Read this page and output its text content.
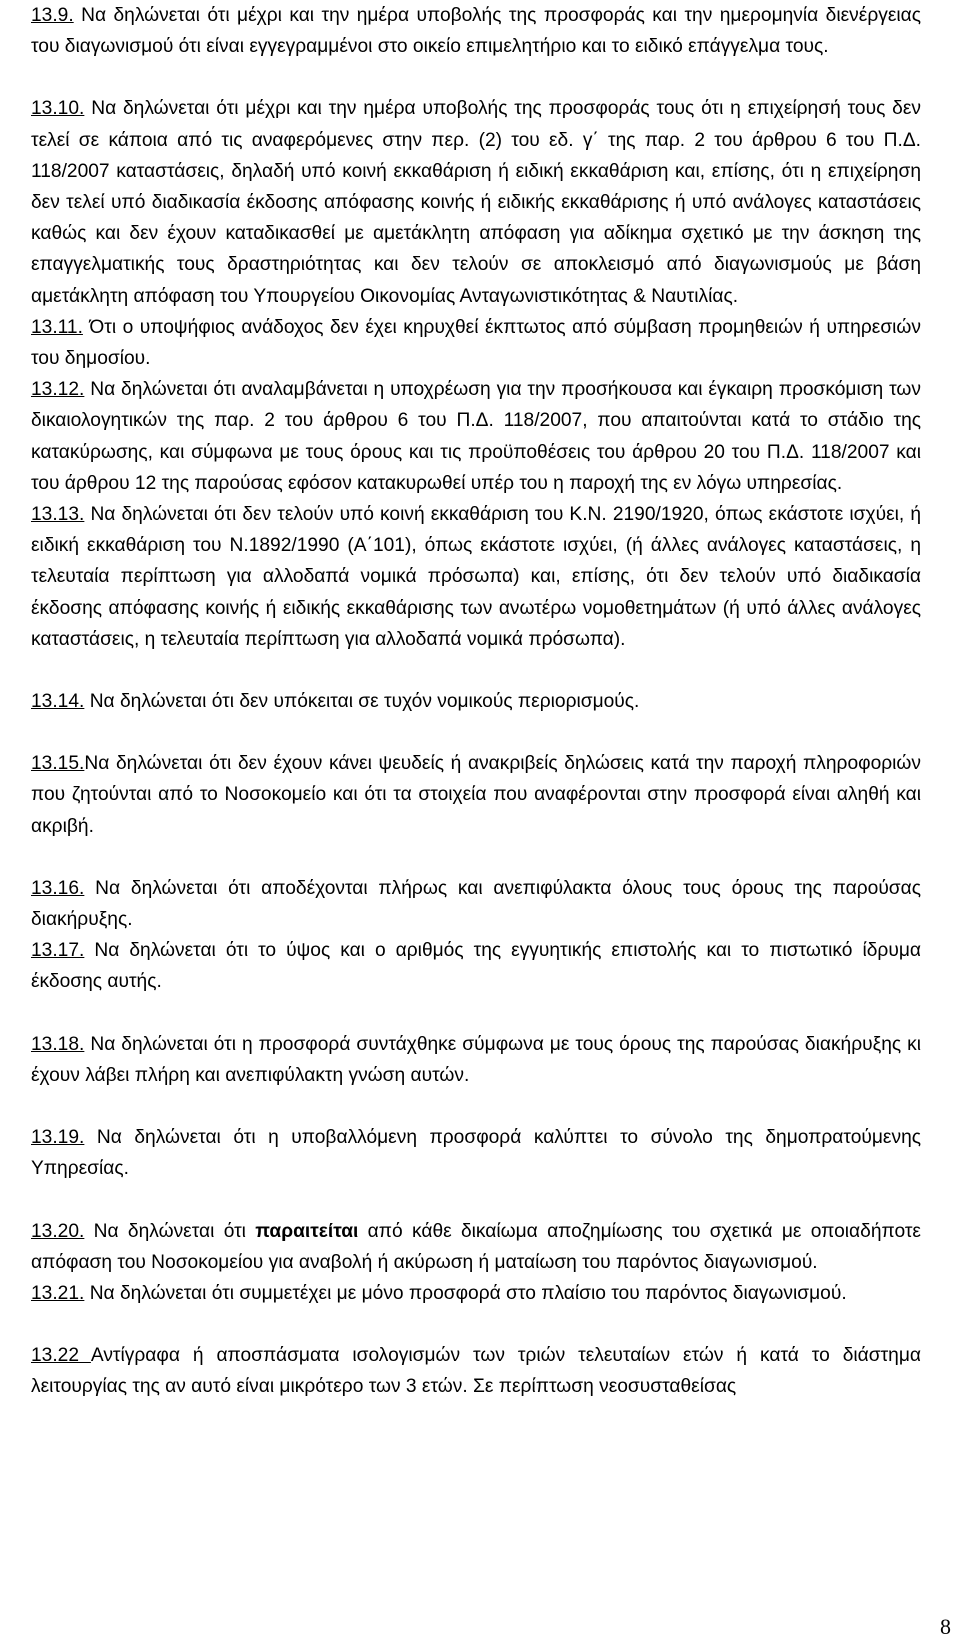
13.9. Να δηλώνεται ότι μέχρι και την ημέρα υποβολής της προσφοράς και την ημερομηνία διενέργειας του διαγωνισμού ότι είναι εγγεγραμμένοι στο οικείο επιμελητήριο και το ειδικό επάγγελμα τους.

13.10. Να δηλώνεται ότι μέχρι και την ημέρα υποβολής της προσφοράς τους ότι η επιχείρησή τους δεν τελεί σε κάποια από τις αναφερόμενες στην περ. (2) του εδ. γ΄ της παρ. 2 του άρθρου 6 του Π.Δ. 118/2007 καταστάσεις, δηλαδή υπό κοινή εκκαθάριση ή ειδική εκκαθάριση και, επίσης, ότι η επιχείρηση δεν τελεί υπό διαδικασία έκδοσης απόφασης κοινής ή ειδικής εκκαθάρισης ή υπό ανάλογες καταστάσεις καθώς και δεν έχουν καταδικασθεί με αμετάκλητη απόφαση για αδίκημα σχετικό με την άσκηση της επαγγελματικής τους δραστηριότητας και δεν τελούν σε αποκλεισμό από διαγωνισμούς με βάση αμετάκλητη απόφαση του Υπουργείου Οικονομίας Ανταγωνιστικότητας & Ναυτιλίας.

13.11. Ότι ο υποψήφιος ανάδοχος δεν έχει κηρυχθεί έκπτωτος από σύμβαση προμηθειών ή υπηρεσιών του δημοσίου.

13.12. Να δηλώνεται ότι αναλαμβάνεται η υποχρέωση για την προσήκουσα και έγκαιρη προσκόμιση των δικαιολογητικών της παρ. 2 του άρθρου 6 του Π.Δ. 118/2007, που απαιτούνται κατά το στάδιο της κατακύρωσης, και σύμφωνα με τους όρους και τις προϋποθέσεις του άρθρου 20 του Π.Δ. 118/2007 και του άρθρου 12 της παρούσας εφόσον κατακυρωθεί υπέρ του η παροχή της εν λόγω υπηρεσίας.

13.13. Να δηλώνεται ότι δεν τελούν υπό κοινή εκκαθάριση του Κ.Ν. 2190/1920, όπως εκάστοτε ισχύει, ή ειδική εκκαθάριση του Ν.1892/1990 (Α΄101), όπως εκάστοτε ισχύει, (ή άλλες ανάλογες καταστάσεις, η τελευταία περίπτωση για αλλοδαπά νομικά πρόσωπα) και, επίσης, ότι δεν τελούν υπό διαδικασία έκδοσης απόφασης κοινής ή ειδικής εκκαθάρισης των ανωτέρω νομοθετημάτων (ή υπό άλλες ανάλογες καταστάσεις, η τελευταία περίπτωση για αλλοδαπά νομικά πρόσωπα).

13.14. Να δηλώνεται ότι δεν υπόκειται σε τυχόν νομικούς περιορισμούς.

13.15.Να δηλώνεται ότι δεν έχουν κάνει ψευδείς ή ανακριβείς δηλώσεις κατά την παροχή πληροφοριών που ζητούνται από το Νοσοκομείο και ότι τα στοιχεία που αναφέρονται στην προσφορά είναι αληθή και ακριβή.

13.16. Να δηλώνεται ότι αποδέχονται πλήρως και ανεπιφύλακτα όλους τους όρους της παρούσας διακήρυξης.

13.17. Να δηλώνεται ότι το ύψος και ο αριθμός της εγγυητικής επιστολής και το πιστωτικό ίδρυμα έκδοσης αυτής.

13.18. Να δηλώνεται ότι η προσφορά συντάχθηκε σύμφωνα με τους όρους της παρούσας διακήρυξης κι έχουν λάβει πλήρη και ανεπιφύλακτη γνώση αυτών.

13.19. Να δηλώνεται ότι η υποβαλλόμενη προσφορά καλύπτει το σύνολο της δημοπρατούμενης Υπηρεσίας.

13.20. Να δηλώνεται ότι παραιτείται από κάθε δικαίωμα αποζημίωσης του σχετικά με οποιαδήποτε απόφαση του Νοσοκομείου για αναβολή ή ακύρωση ή ματαίωση του παρόντος διαγωνισμού.

13.21. Να δηλώνεται ότι συμμετέχει με μόνο προσφορά στο πλαίσιο του παρόντος διαγωνισμού.

13.22 Αντίγραφα ή αποσπάσματα ισολογισμών των τριών τελευταίων ετών ή κατά το διάστημα λειτουργίας της αν αυτό είναι μικρότερο των 3 ετών. Σε περίπτωση νεοσυσταθείσας

8
